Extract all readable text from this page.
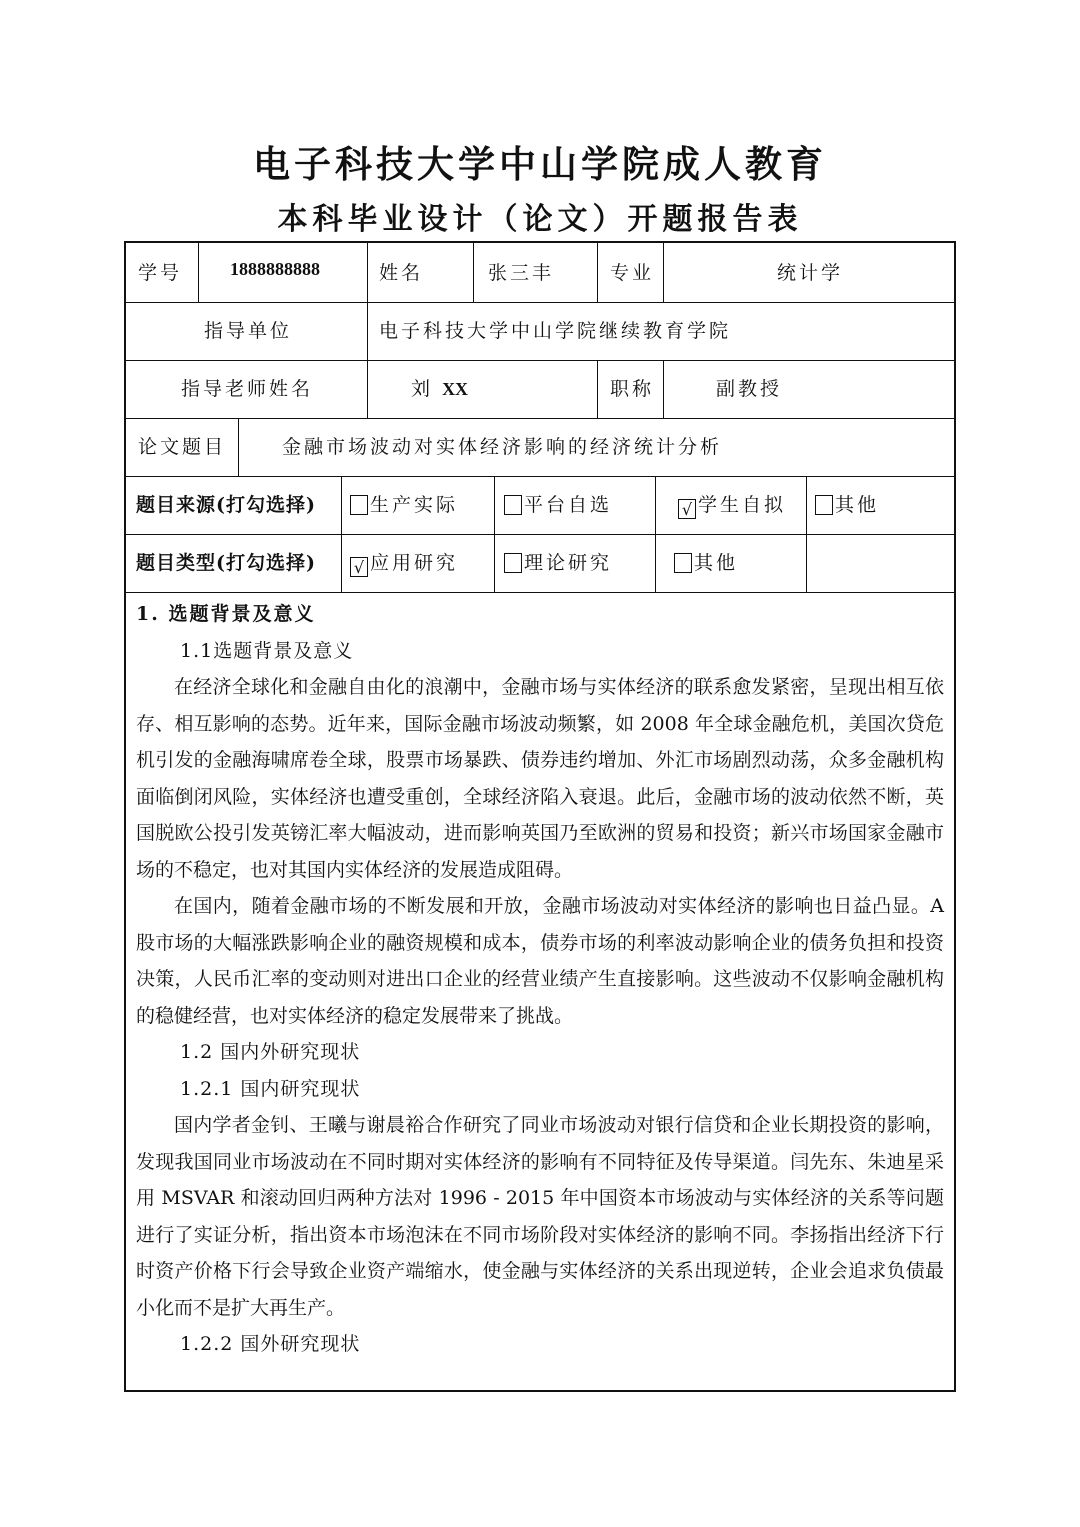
电子科技大学中山学院成人教育
本科毕业设计（论文）开题报告表
学号	1888888888	姓名	张三丰	专业	统计学
指导单位	电子科技大学中山学院继续教育学院
指导老师姓名	刘 XX	职称	副教授
论文题目	金融市场波动对实体经济影响的经济统计分析
题目来源(打勾选择)	生产实际	平台自选	√ 学生自拟	其他
题目类型(打勾选择) √ 应用研究	理论研究	其他

1. 选题背景及意义

1.1选题背景及意义

在经济全球化和金融自由化的浪潮中，金融市场与实体经济的联系愈发紧密，呈现出相互依存、相互影响的态势。近年来，国际金融市场波动频繁，如 2008 年全球金融危机，美国次贷危机引发的金融海啸席卷全球，股票市场暴跌、债券违约增加、外汇市场剧烈动荡，众多金融机构面临倒闭风险，实体经济也遭受重创，全球经济陷入衰退。此后，金融市场的波动依然不断，英国脱欧公投引发英镑汇率大幅波动，进而影响英国乃至欧洲的贸易和投资；新兴市场国家金融市场的不稳定，也对其国内实体经济的发展造成阻碍。

在国内，随着金融市场的不断发展和开放，金融市场波动对实体经济的影响也日益凸显。A 股市场的大幅涨跌影响企业的融资规模和成本，债券市场的利率波动影响企业的债务负担和投资决策，人民币汇率的变动则对进出口企业的经营业绩产生直接影响。这些波动不仅影响金融机构的稳健经营，也对实体经济的稳定发展带来了挑战。

1.2 国内外研究现状

1.2.1 国内研究现状

国内学者金钊、王曦与谢晨裕合作研究了同业市场波动对银行信贷和企业长期投资的影响，发现我国同业市场波动在不同时期对实体经济的影响有不同特征及传导渠道。闫先东、朱迪星采用 MSVAR 和滚动回归两种方法对 1996 - 2015 年中国资本市场波动与实体经济的关系等问题进行了实证分析，指出资本市场泡沫在不同市场阶段对实体经济的影响不同。李扬指出经济下行时资产价格下行会导致企业资产端缩水，使金融与实体经济的关系出现逆转，企业会追求负债最小化而不是扩大再生产。

1.2.2 国外研究现状
